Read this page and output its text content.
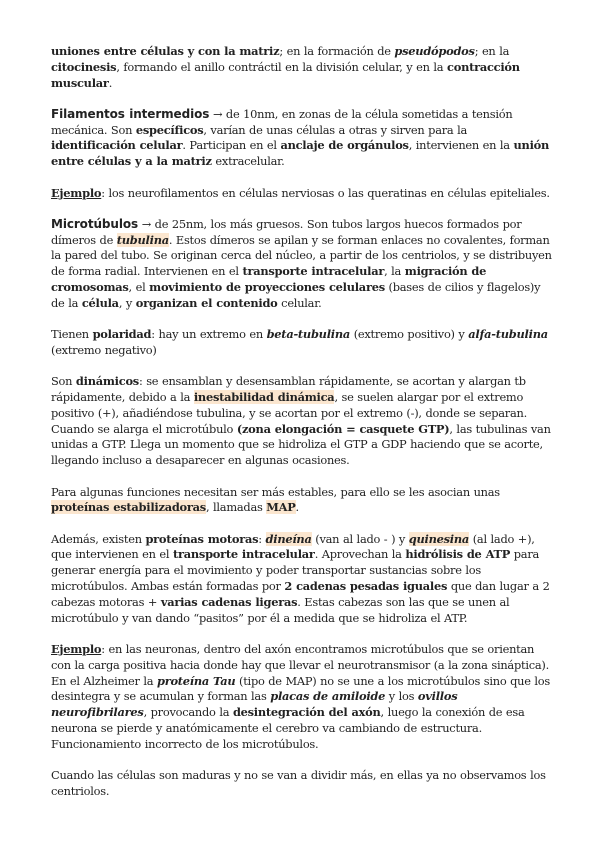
uniones entre células y con la matriz; en la formación de pseudópodos; en la citocinesis, formando el anillo contráctil en la división celular, y en la contracción muscular.

Filamentos intermedios → de 10nm, en zonas de la célula sometidas a tensión mecánica. Son específicos, varían de unas células a otras y sirven para la identificación celular. Participan en el anclaje de orgánulos, intervienen en la unión entre células y a la matriz extracelular.

Ejemplo: los neurofilamentos en células nerviosas o las queratinas en células epiteliales.

Microtúbulos → de 25nm, los más gruesos. Son tubos largos huecos formados por dímeros de tubulina. Estos dímeros se apilan y se forman enlaces no covalentes, forman la pared del tubo. Se originan cerca del núcleo, a partir de los centriolos, y se distribuyen de forma radial. Intervienen en el transporte intracelular, la migración de cromosomas, el movimiento de proyecciones celulares (bases de cilios y flagelos)y de la célula, y organizan el contenido celular.

Tienen polaridad: hay un extremo en beta-tubulina (extremo positivo) y alfa-tubulina (extremo negativo)

Son dinámicos: se ensamblan y desensamblan rápidamente, se acortan y alargan tb rápidamente, debido a la inestabilidad dinámica, se suelen alargar por el extremo positivo (+), añadiéndose tubulina, y se acortan por el extremo (-), donde se separan. Cuando se alarga el microtúbulo (zona elongación = casquete GTP), las tubulinas van unidas a GTP. Llega un momento que se hidroliza el GTP a GDP haciendo que se acorte, llegando incluso a desaparecer en algunas ocasiones.

Para algunas funciones necesitan ser más estables, para ello se les asocian unas proteínas estabilizadoras, llamadas MAP.

Además, existen proteínas motoras: dineína (van al lado - ) y quinesina (al lado +), que intervienen en el transporte intracelular. Aprovechan la hidrólisis de ATP para generar energía para el movimiento y poder transportar sustancias sobre los microtúbulos. Ambas están formadas por 2 cadenas pesadas iguales que dan lugar a 2 cabezas motoras + varias cadenas ligeras. Estas cabezas son las que se unen al microtúbulo y van dando “pasitos” por él a medida que se hidroliza el ATP.

Ejemplo: en las neuronas, dentro del axón encontramos microtúbulos que se orientan con la carga positiva hacia donde hay que llevar el neurotransmisor (a la zona sináptica). En el Alzheimer la proteína Tau (tipo de MAP) no se une a los microtúbulos sino que los desintegra y se acumulan y forman las placas de amiloide y los ovillos neurofibrilares, provocando la desintegración del axón, luego la conexión de esa neurona se pierde y anatómicamente el cerebro va cambiando de estructura. Funcionamiento incorrecto de los microtúbulos.

Cuando las células son maduras y no se van a dividir más, en ellas ya no observamos los centriolos.
